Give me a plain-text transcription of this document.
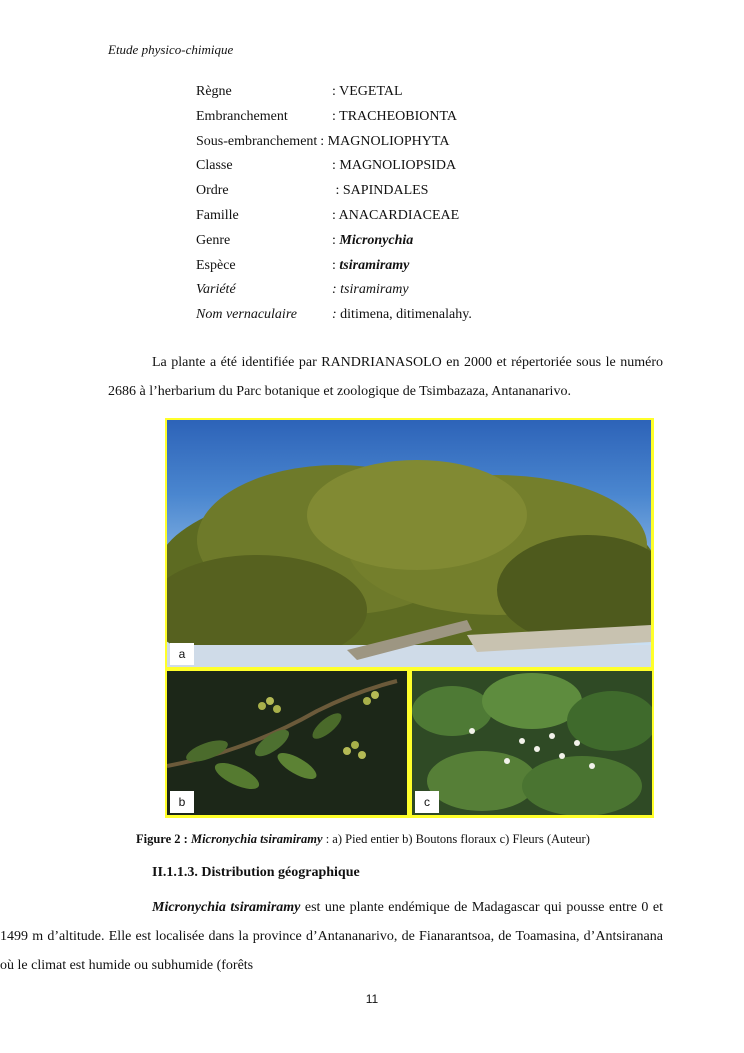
Etude physico-chimique
Règne	: VEGETAL
Embranchement	: TRACHEOBIONTA
Sous-embranchement : MAGNOLIOPHYTA
Classe	: MAGNOLIOPSIDA
Ordre	: SAPINDALES
Famille	: ANACARDIACEAE
Genre	: Micronychia
Espèce	: tsiramiramy
Variété	: tsiramiramy
Nom vernaculaire	: ditimena, ditimenalahy.
La plante a été identifiée par RANDRIANASOLO en 2000 et répertoriée sous le numéro 2686 à l’herbarium du Parc botanique et zoologique de Tsimbazaza, Antananarivo.
a
b	c
Figure 2 : Micronychia tsiramiramy : a) Pied entier b) Boutons floraux c) Fleurs (Auteur)
II.1.1.3. Distribution géographique
Micronychia tsiramiramy est une plante endémique de Madagascar qui pousse entre 0 et 1499 m d’altitude. Elle est localisée dans la province d’Antananarivo, de Fianarantsoa, de Toamasina, d’Antsiranana où le climat est humide ou subhumide (forêts
11
